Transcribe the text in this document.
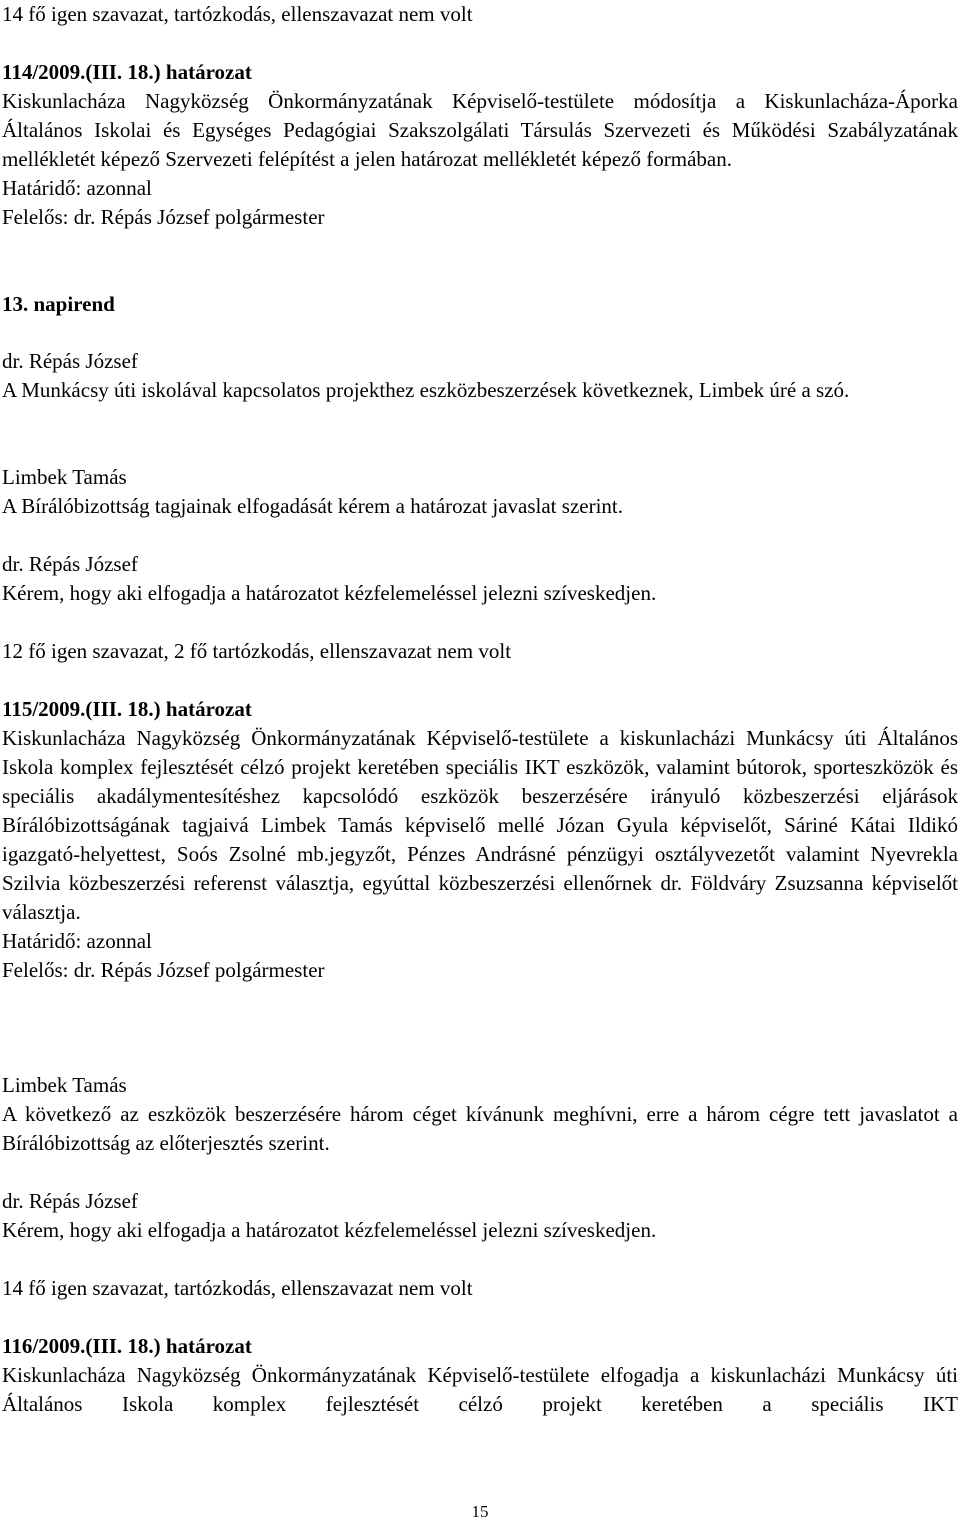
14 fő igen szavazat, tartózkodás, ellenszavazat nem volt

114/2009.(III. 18.) határozat

Kiskunlacháza Nagyközség Önkormányzatának Képviselő-testülete módosítja a Kiskunlacháza-Áporka Általános Iskolai és Egységes Pedagógiai Szakszolgálati Társulás Szervezeti és Működési Szabályzatának mellékletét képező Szervezeti felépítést a jelen határozat mellékletét képező formában.

Határidő: azonnal

Felelős: dr. Répás József polgármester

13. napirend

dr. Répás József

A Munkácsy úti iskolával kapcsolatos projekthez eszközbeszerzések következnek, Limbek úré a szó.

Limbek Tamás

A Bírálóbizottság tagjainak elfogadását kérem a határozat javaslat szerint.

dr. Répás József

Kérem, hogy aki elfogadja a határozatot kézfelemeléssel jelezni szíveskedjen.

12 fő igen szavazat, 2 fő tartózkodás, ellenszavazat nem volt

115/2009.(III. 18.) határozat

Kiskunlacháza Nagyközség Önkormányzatának Képviselő-testülete a kiskunlacházi Munkácsy úti Általános Iskola komplex fejlesztését célzó projekt keretében speciális IKT eszközök, valamint bútorok, sporteszközök és speciális akadálymentesítéshez kapcsolódó eszközök beszerzésére irányuló közbeszerzési eljárások Bírálóbizottságának tagjaivá Limbek Tamás képviselő mellé Józan Gyula képviselőt, Sáriné Kátai Ildikó igazgató-helyettest, Soós Zsolné mb.jegyzőt, Pénzes Andrásné pénzügyi osztályvezetőt valamint Nyevrekla Szilvia közbeszerzési referenst választja, egyúttal közbeszerzési ellenőrnek dr. Földváry Zsuzsanna képviselőt választja.

Határidő: azonnal

Felelős: dr. Répás József polgármester

Limbek Tamás

A következő az eszközök beszerzésére három céget kívánunk meghívni, erre a három cégre tett javaslatot a Bírálóbizottság az előterjesztés szerint.

dr. Répás József

Kérem, hogy aki elfogadja a határozatot kézfelemeléssel jelezni szíveskedjen.

14 fő igen szavazat, tartózkodás, ellenszavazat nem volt

116/2009.(III. 18.) határozat

Kiskunlacháza Nagyközség Önkormányzatának Képviselő-testülete elfogadja a kiskunlacházi Munkácsy úti Általános Iskola komplex fejlesztését célzó projekt keretében a speciális IKT

15
